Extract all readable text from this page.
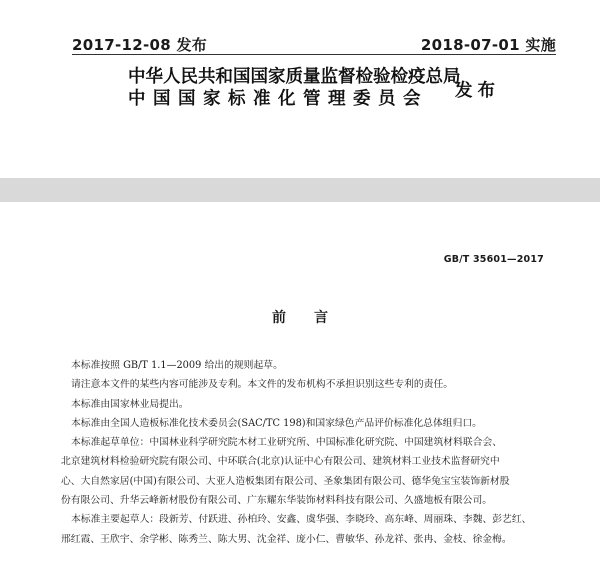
2017-12-08 发布	2018-07-01 实施
中华人民共和国国家质量监督检验检疫总局
中国国家标准化管理委员会	发布
GB/T 35601—2017
前言

本标准按照 GB/T 1.1—2009 给出的规则起草。

请注意本文件的某些内容可能涉及专利。本文件的发布机构不承担识别这些专利的责任。

本标准由国家林业局提出。

本标准由全国人造板标准化技术委员会(SAC/TC 198)和国家绿色产品评价标准化总体组归口。

本标准起草单位：中国林业科学研究院木材工业研究所、中国标准化研究院、中国建筑材料联合会、

北京建筑材料检验研究院有限公司、中环联合(北京)认证中心有限公司、建筑材料工业技术监督研究中

心、大自然家居(中国)有限公司、大亚人造板集团有限公司、圣象集团有限公司、德华兔宝宝装饰新材股

份有限公司、升华云峰新材股份有限公司、广东耀东华装饰材料科技有限公司、久盛地板有限公司。

本标准主要起草人：段新芳、付跃进、孙柏玲、安鑫、虞华强、李晓玲、高东峰、周丽珠、李魏、彭艺红、

邢红霞、王欣宇、余学彬、陈秀兰、陈大男、沈金祥、庞小仁、曹敏华、孙龙祥、张冉、金枝、徐金梅。
